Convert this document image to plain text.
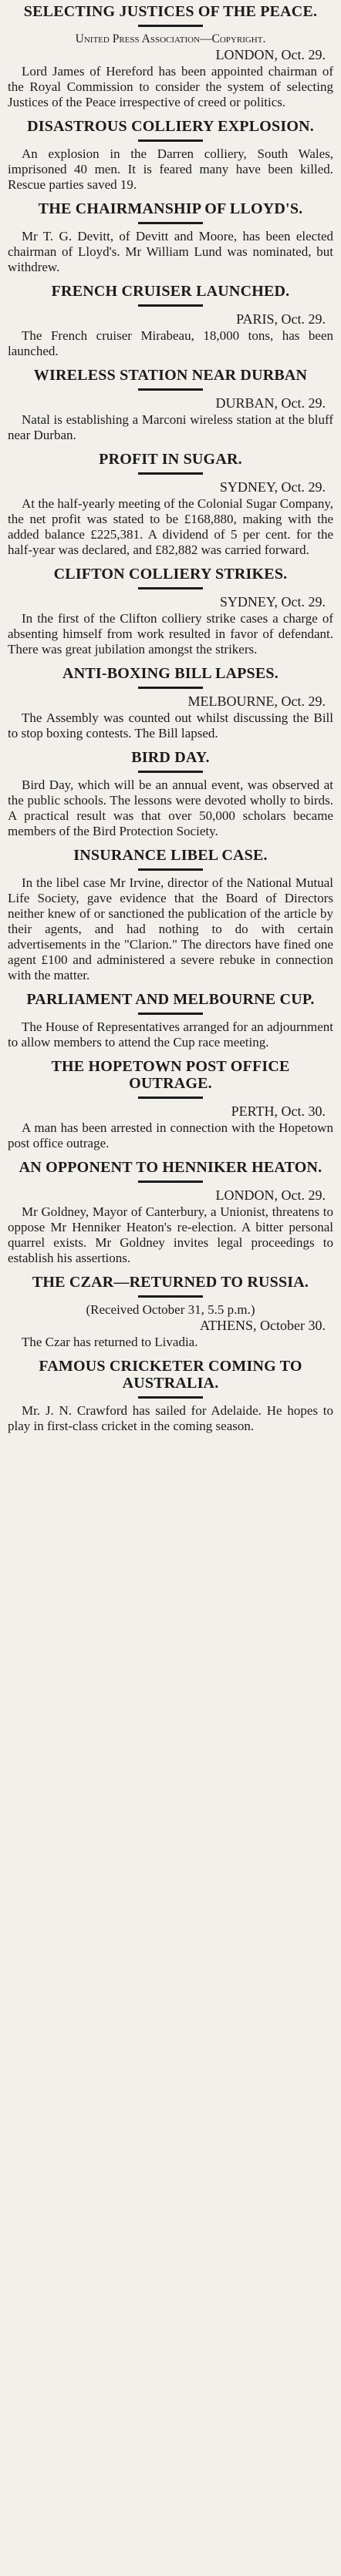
SELECTING JUSTICES OF THE PEACE.

United Press Association—Copyright.

LONDON, Oct. 29.

Lord James of Hereford has been appointed chairman of the Royal Commission to consider the system of selecting Justices of the Peace irrespective of creed or politics.

DISASTROUS COLLIERY EXPLOSION.

An explosion in the Darren colliery, South Wales, imprisoned 40 men. It is feared many have been killed. Rescue parties saved 19.

THE CHAIRMANSHIP OF LLOYD'S.

Mr T. G. Devitt, of Devitt and Moore, has been elected chairman of Lloyd's. Mr William Lund was nominated, but withdrew.

FRENCH CRUISER LAUNCHED.
PARIS, Oct. 29.

The French cruiser Mirabeau, 18,000 tons, has been launched.

WIRELESS STATION NEAR DURBAN
DURBAN, Oct. 29.

Natal is establishing a Marconi wireless station at the bluff near Durban.

PROFIT IN SUGAR.
SYDNEY, Oct. 29.

At the half-yearly meeting of the Colonial Sugar Company, the net profit was stated to be £168,880, making with the added balance £225,381. A dividend of 5 per cent. for the half-year was declared, and £82,882 was carried forward.

CLIFTON COLLIERY STRIKES.
SYDNEY, Oct. 29.

In the first of the Clifton colliery strike cases a charge of absenting himself from work resulted in favor of defendant. There was great jubilation amongst the strikers.

ANTI-BOXING BILL LAPSES.
MELBOURNE, Oct. 29.

The Assembly was counted out whilst discussing the Bill to stop boxing contests. The Bill lapsed.

BIRD DAY.

Bird Day, which will be an annual event, was observed at the public schools. The lessons were devoted wholly to birds. A practical result was that over 50,000 scholars became members of the Bird Protection Society.

INSURANCE LIBEL CASE.

In the libel case Mr Irvine, director of the National Mutual Life Society, gave evidence that the Board of Directors neither knew of or sanctioned the publication of the article by their agents, and had nothing to do with certain advertisements in the "Clarion." The directors have fined one agent £100 and administered a severe rebuke in connection with the matter.

PARLIAMENT AND MELBOURNE CUP.

The House of Representatives arranged for an adjournment to allow members to attend the Cup race meeting.

THE HOPETOWN POST OFFICE OUTRAGE.
PERTH, Oct. 30.

A man has been arrested in connection with the Hopetown post office outrage.

AN OPPONENT TO HENNIKER HEATON.
LONDON, Oct. 29.

Mr Goldney, Mayor of Canterbury, a Unionist, threatens to oppose Mr Henniker Heaton's re-election. A bitter personal quarrel exists. Mr Goldney invites legal proceedings to establish his assertions.

THE CZAR—RETURNED TO RUSSIA.

(Received October 31, 5.5 p.m.)

ATHENS, October 30.

The Czar has returned to Livadia.

FAMOUS CRICKETER COMING TO AUSTRALIA.

Mr. J. N. Crawford has sailed for Adelaide. He hopes to play in first-class cricket in the coming season.
